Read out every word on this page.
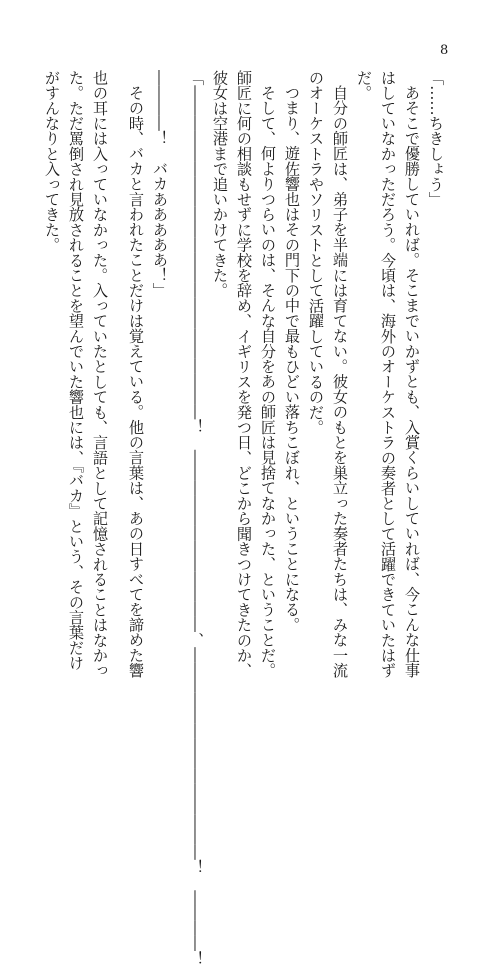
8

「……ちきしょう」

あそこで優勝していれば。そこまでいかずとも、入賞くらいしていれば、今こんな仕事

はしていなかっただろう。今頃は、海外のオーケストラの奏者として活躍できていたはず

だ。

自分の師匠は、弟子を半端には育てない。彼女のもとを巣立った奏者たちは、みな一流

のオーケストラやソリストとして活躍しているのだ。

つまり、遊佐響也はその門下の中で最もひどい落ちこぼれ、ということになる。

そして、何よりつらいのは、そんな自分をあの師匠は見捨てなかった、ということだ。

師匠に何の相談もせずに学校を辞め、イギリスを発つ日、どこから聞きつけてきたのか、

彼女は空港まで追いかけてきた。

「――――――――――――――――――――――！　――――――――――――、――――――――――――――！　――――！

――――！　バカあああああ！」

その時、バカと言われたことだけは覚えている。他の言葉は、あの日すべてを諦めた響

也の耳には入っていなかった。入っていたとしても、言語として記憶されることはなかっ

た。ただ罵倒され見放されることを望んでいた響也には、『バカ』という、その言葉だけ

がすんなりと入ってきた。
